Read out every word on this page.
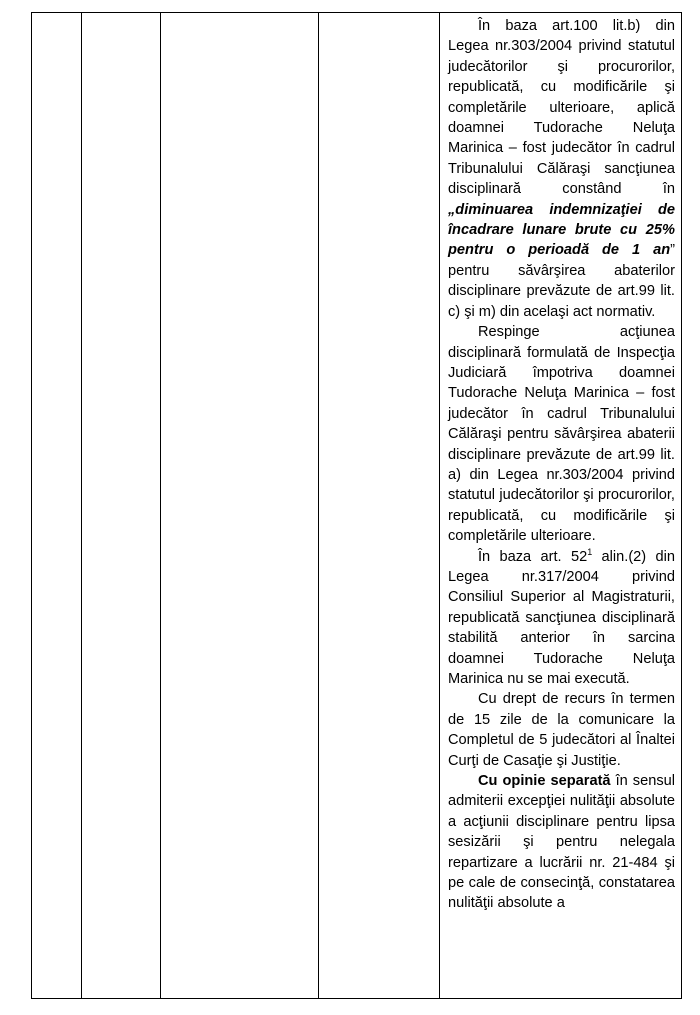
În baza art.100 lit.b) din Legea nr.303/2004 privind statutul judecătorilor şi procurorilor, republicată, cu modificările şi completările ulterioare, aplică doamnei Tudorache Neluţa Marinica – fost judecător în cadrul Tribunalului Călăraşi sancţiunea disciplinară constând în „diminuarea indemnizaţiei de încadrare lunare brute cu 25% pentru o perioadă de 1 an” pentru săvârşirea abaterilor disciplinare prevăzute de art.99 lit. c) şi m) din acelaşi act normativ.

Respinge acţiunea disciplinară formulată de Inspecţia Judiciară împotriva doamnei Tudorache Neluţa Marinica – fost judecător în cadrul Tribunalului Călăraşi pentru săvârşirea abaterii disciplinare prevăzute de art.99 lit. a) din Legea nr.303/2004 privind statutul judecătorilor şi procurorilor, republicată, cu modificările şi completările ulterioare.

În baza art. $52^1$ alin.(2) din Legea nr.317/2004 privind Consiliul Superior al Magistraturii, republicată sancţiunea disciplinară stabilită anterior în sarcina doamnei Tudorache Neluţa Marinica nu se mai execută.

Cu drept de recurs în termen de 15 zile de la comunicare la Completul de 5 judecători al Înaltei Curţi de Casaţie şi Justiţie.

Cu opinie separată în sensul admiterii excepţiei nulităţii absolute a acţiunii disciplinare pentru lipsa sesizării şi pentru nelegala repartizare a lucrării nr. 21-484 şi pe cale de consecinţă, constatarea nulităţii absolute a
